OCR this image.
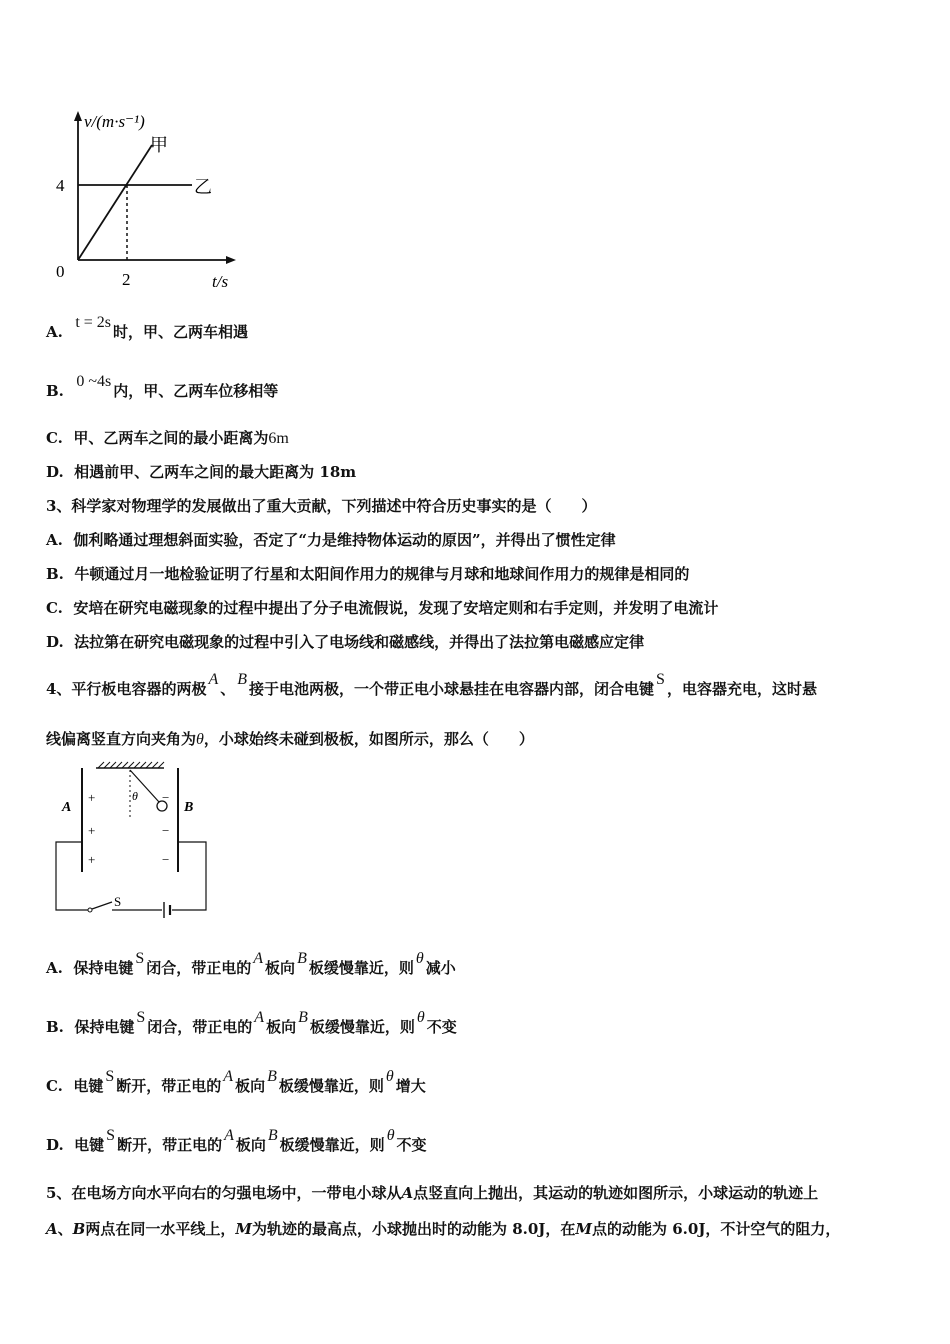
v/(m·s⁻¹)
t/s
0
4
2
甲
乙
A.  t = 2s时，甲、乙两车相遇
B.  0 ~4s内，甲、乙两车位移相等
C. 甲、乙两车之间的最小距离为6m
D. 相遇前甲、乙两车之间的最大距离为 18m
3、科学家对物理学的发展做出了重大贡献，下列描述中符合历史事实的是（　　）
A. 伽利略通过理想斜面实验，否定了“力是维持物体运动的原因”，并得出了惯性定律
B. 牛顿通过月一地检验证明了行星和太阳间作用力的规律与月球和地球间作用力的规律是相同的
C. 安培在研究电磁现象的过程中提出了分子电流假说，发现了安培定则和右手定则，并发明了电流计
D. 法拉第在研究电磁现象的过程中引入了电场线和磁感线，并得出了法拉第电磁感应定律
4、平行板电容器的两极A、B接于电池两极，一个带正电小球悬挂在电容器内部，闭合电键S，电容器充电，这时悬
线偏离竖直方向夹角为θ，小球始终未碰到极板，如图所示，那么（　　）
A	B
θ
S
+
+
+
−
−
−
A. 保持电键S闭合，带正电的A板向B板缓慢靠近，则θ减小
B. 保持电键S闭合，带正电的A板向B板缓慢靠近，则θ不变
C. 电键S断开，带正电的A板向B板缓慢靠近，则θ增大
D. 电键S断开，带正电的A板向B板缓慢靠近，则θ不变
5、在电场方向水平向右的匀强电场中，一带电小球从A点竖直向上抛出，其运动的轨迹如图所示，小球运动的轨迹上
A、B两点在同一水平线上，M为轨迹的最高点，小球抛出时的动能为 8.0J，在M点的动能为 6.0J，不计空气的阻力，
